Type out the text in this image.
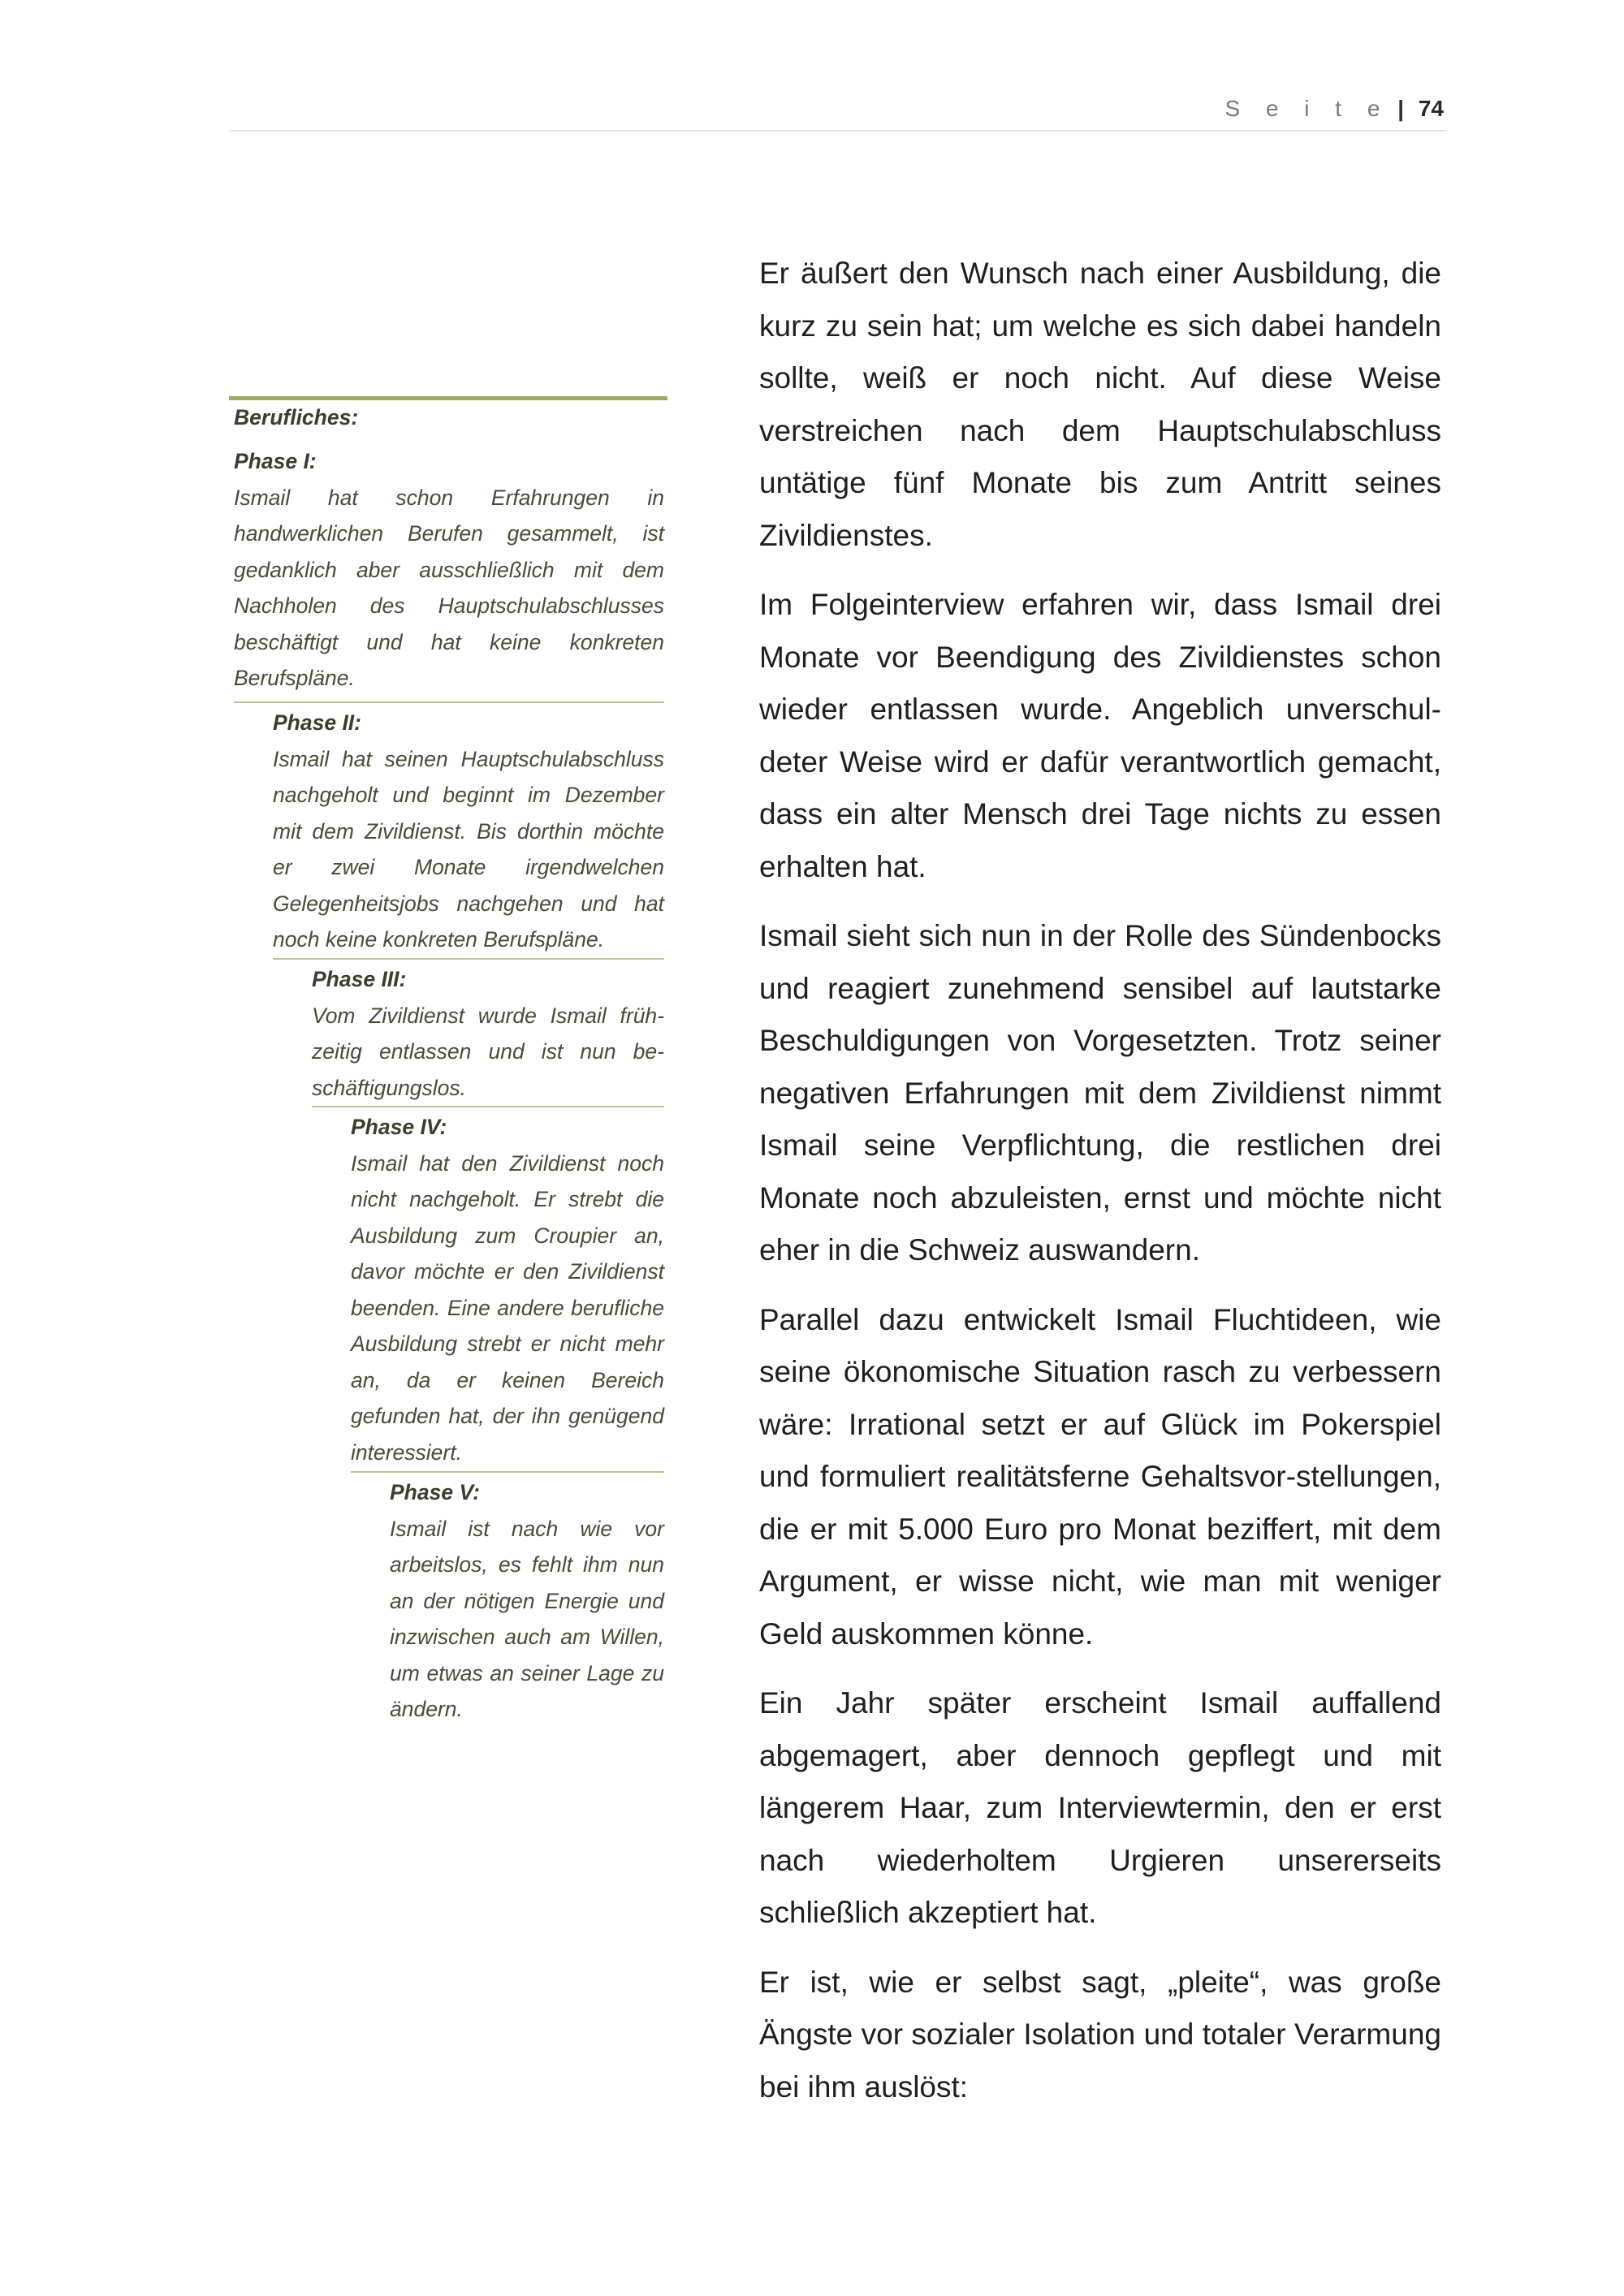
S e i t e | 74
Berufliches:
Phase I:
Ismail hat schon Erfahrungen in handwerklichen Berufen gesammelt, ist gedanklich aber ausschließlich mit dem Nachholen des Hauptschulabschlusses beschäftigt und hat keine konkreten Berufspläne.
Phase II:
Ismail hat seinen Hauptschulabschluss nachgeholt und beginnt im Dezember mit dem Zivildienst. Bis dorthin möchte er zwei Monate irgendwelchen Gelegenheitsjobs nachgehen und hat noch keine konkreten Berufspläne.
Phase III:
Vom Zivildienst wurde Ismail früh-zeitig entlassen und ist nun be-schäftigungslos.
Phase IV:
Ismail hat den Zivildienst noch nicht nachgeholt. Er strebt die Ausbildung zum Croupier an, davor möchte er den Zivildienst beenden. Eine andere berufliche Ausbildung strebt er nicht mehr an, da er keinen Bereich gefunden hat, der ihn genügend interessiert.
Phase V:
Ismail ist nach wie vor arbeitslos, es fehlt ihm nun an der nötigen Energie und inzwischen auch am Willen, um etwas an seiner Lage zu ändern.

Er äußert den Wunsch nach einer Ausbildung, die kurz zu sein hat; um welche es sich dabei handeln sollte, weiß er noch nicht. Auf diese Weise verstreichen nach dem Hauptschulabschluss untätige fünf Monate bis zum Antritt seines Zivildienstes.

Im Folgeinterview erfahren wir, dass Ismail drei Monate vor Beendigung des Zivildienstes schon wieder entlassen wurde. Angeblich unverschul-deter Weise wird er dafür verantwortlich gemacht, dass ein alter Mensch drei Tage nichts zu essen erhalten hat.

Ismail sieht sich nun in der Rolle des Sündenbocks und reagiert zunehmend sensibel auf lautstarke Beschuldigungen von Vorgesetzten. Trotz seiner negativen Erfahrungen mit dem Zivildienst nimmt Ismail seine Verpflichtung, die restlichen drei Monate noch abzuleisten, ernst und möchte nicht eher in die Schweiz auswandern.

Parallel dazu entwickelt Ismail Fluchtideen, wie seine ökonomische Situation rasch zu verbessern wäre: Irrational setzt er auf Glück im Pokerspiel und formuliert realitätsferne Gehaltsvor-stellungen, die er mit 5.000 Euro pro Monat beziffert, mit dem Argument, er wisse nicht, wie man mit weniger Geld auskommen könne.

Ein Jahr später erscheint Ismail auffallend abgemagert, aber dennoch gepflegt und mit längerem Haar, zum Interviewtermin, den er erst nach wiederholtem Urgieren unsererseits schließlich akzeptiert hat.

Er ist, wie er selbst sagt, „pleite“, was große Ängste vor sozialer Isolation und totaler Verarmung bei ihm auslöst:
